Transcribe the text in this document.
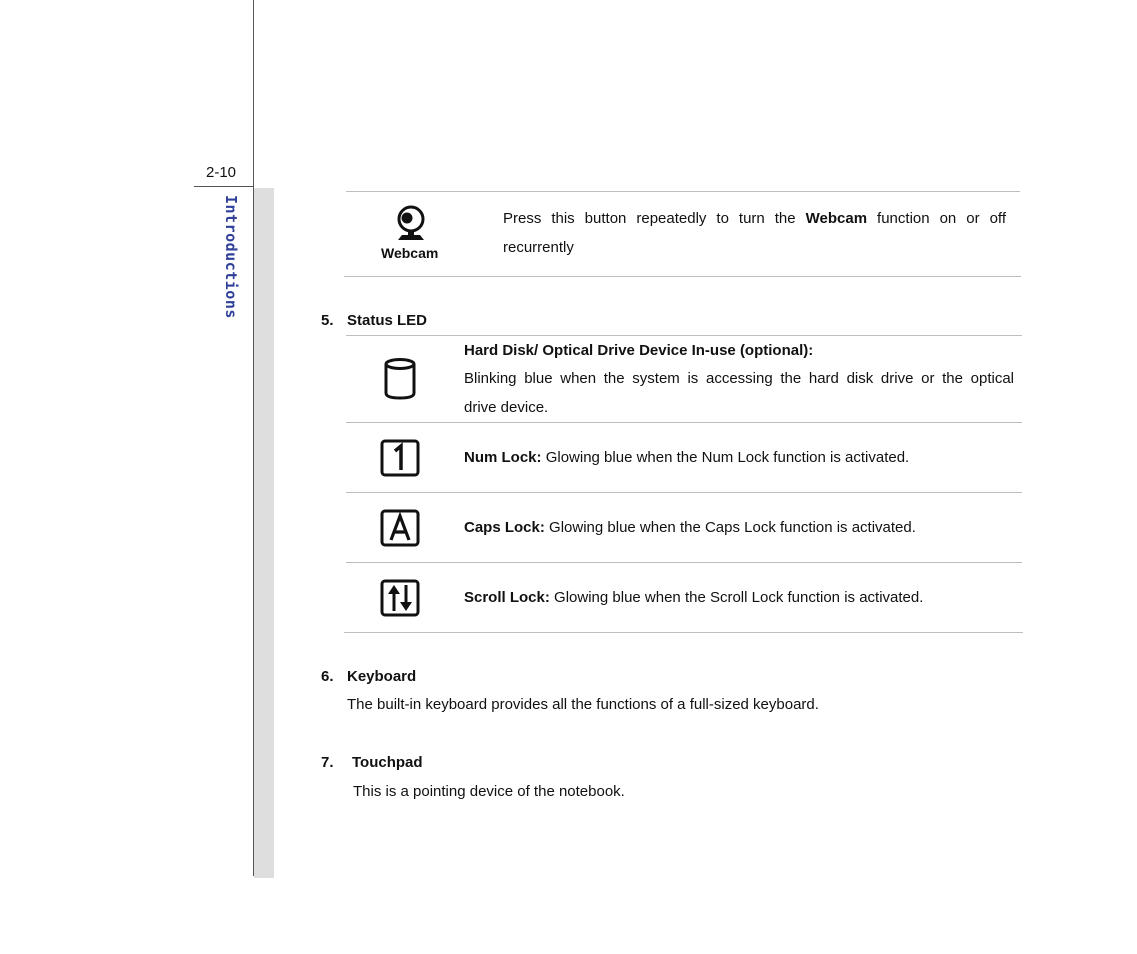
2-10
Introductions	Webcam
Press this button repeatedly to turn the Webcam function on or off
recurrently
5. Status LED
Hard Disk/ Optical Drive Device In-use (optional):
Blinking blue when the system is accessing the hard disk drive or the optical
drive device.
Num Lock: Glowing blue when the Num Lock function is activated.
Caps Lock: Glowing blue when the Caps Lock function is activated.
Scroll Lock: Glowing blue when the Scroll Lock function is activated.
6. Keyboard
The built-in keyboard provides all the functions of a full-sized keyboard.
7. Touchpad
This is a pointing device of the notebook.
